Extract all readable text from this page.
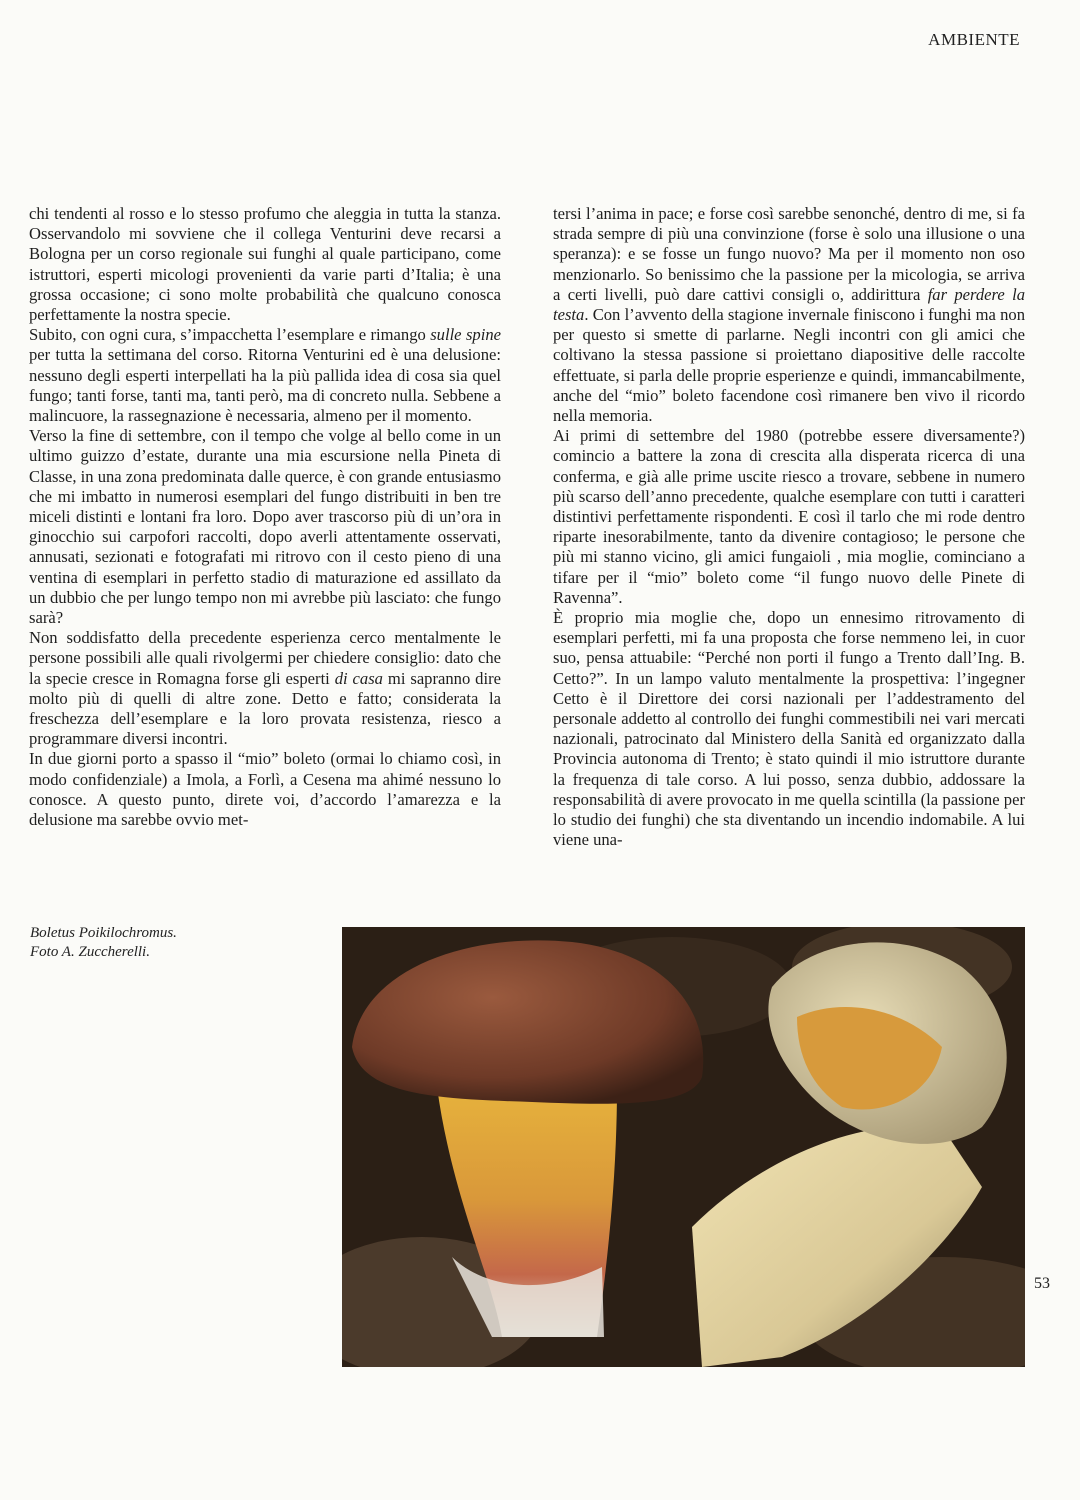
AMBIENTE

chi tendenti al rosso e lo stesso profumo che aleggia in tutta la stanza. Osservandolo mi sovviene che il collega Venturini deve recarsi a Bologna per un corso regionale sui funghi al quale participano, come istruttori, esperti micologi provenienti da varie parti d’Italia; è una grossa occasione; ci sono molte probabilità che qualcuno conosca perfettamente la nostra specie.

Subito, con ogni cura, s’impacchetta l’esemplare e rimango sulle spine per tutta la settimana del corso. Ritorna Venturini ed è una delusione: nessuno degli esperti interpellati ha la più pallida idea di cosa sia quel fungo; tanti forse, tanti ma, tanti però, ma di concreto nulla. Sebbene a malincuore, la rassegnazione è necessaria, almeno per il momento.

Verso la fine di settembre, con il tempo che volge al bello come in un ultimo guizzo d’estate, durante una mia escursione nella Pineta di Classe, in una zona predominata dalle querce, è con grande entusiasmo che mi imbatto in numerosi esemplari del fungo distribuiti in ben tre miceli distinti e lontani fra loro. Dopo aver trascorso più di un’ora in ginocchio sui carpofori raccolti, dopo averli attentamente osservati, annusati, sezionati e fotografati mi ritrovo con il cesto pieno di una ventina di esemplari in perfetto stadio di maturazione ed assillato da un dubbio che per lungo tempo non mi avrebbe più lasciato: che fungo sarà?

Non soddisfatto della precedente esperienza cerco mentalmente le persone possibili alle quali rivolgermi per chiedere consiglio: dato che la specie cresce in Romagna forse gli esperti di casa mi sapranno dire molto più di quelli di altre zone. Detto e fatto; considerata la freschezza dell’esemplare e la loro provata resistenza, riesco a programmare diversi incontri.

In due giorni porto a spasso il “mio” boleto (ormai lo chiamo così, in modo confidenziale) a Imola, a Forlì, a Cesena ma ahimé nessuno lo conosce. A questo punto, direte voi, d’accordo l’amarezza e la delusione ma sarebbe ovvio met-

tersi l’anima in pace; e forse così sarebbe senonché, dentro di me, si fa strada sempre di più una convinzione (forse è solo una illusione o una speranza): e se fosse un fungo nuovo? Ma per il momento non oso menzionarlo. So benissimo che la passione per la micologia, se arriva a certi livelli, può dare cattivi consigli o, addirittura far perdere la testa. Con l’avvento della stagione invernale finiscono i funghi ma non per questo si smette di parlarne. Negli incontri con gli amici che coltivano la stessa passione si proiettano diapositive delle raccolte effettuate, si parla delle proprie esperienze e quindi, immancabilmente, anche del “mio” boleto facendone così rimanere ben vivo il ricordo nella memoria.

Ai primi di settembre del 1980 (potrebbe essere diversamente?) comincio a battere la zona di crescita alla disperata ricerca di una conferma, e già alle prime uscite riesco a trovare, sebbene in numero più scarso dell’anno precedente, qualche esemplare con tutti i caratteri distintivi perfettamente rispondenti. E così il tarlo che mi rode dentro riparte inesorabilmente, tanto da divenire contagioso; le persone che più mi stanno vicino, gli amici fungaioli , mia moglie, cominciano a tifare per il “mio” boleto come “il fungo nuovo delle Pinete di Ravenna”.

È proprio mia moglie che, dopo un ennesimo ritrovamento di esemplari perfetti, mi fa una proposta che forse nemmeno lei, in cuor suo, pensa attuabile: “Perché non porti il fungo a Trento dall’Ing. B. Cetto?”. In un lampo valuto mentalmente la prospettiva: l’ingegner Cetto è il Direttore dei corsi nazionali per l’addestramento del personale addetto al controllo dei funghi commestibili nei vari mercati nazionali, patrocinato dal Ministero della Sanità ed organizzato dalla Provincia autonoma di Trento; è stato quindi il mio istruttore durante la frequenza di tale corso. A lui posso, senza dubbio, addossare la responsabilità di avere provocato in me quella scintilla (la passione per lo studio dei funghi) che sta diventando un incendio indomabile. A lui viene una-

Boletus Poikilochromus.
Foto A. Zuccherelli.
53
